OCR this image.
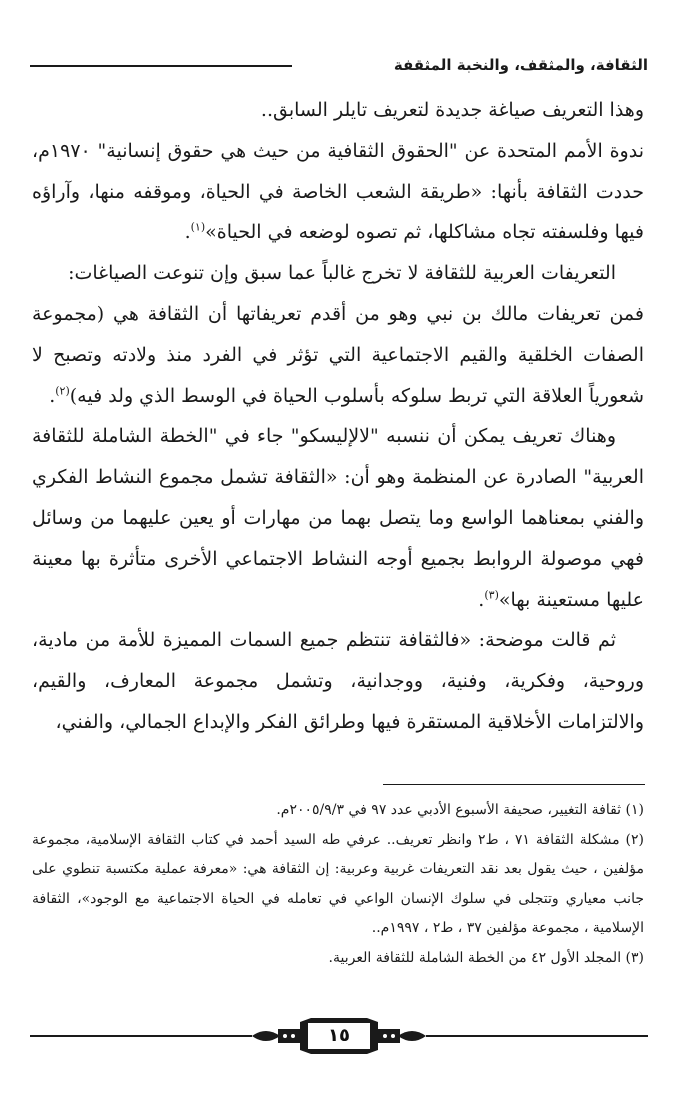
الثقافة، والمثقف، والنخبة المثقفة

وهذا التعريف صياغة جديدة لتعريف تايلر السابق..

ندوة الأمم المتحدة عن "الحقوق الثقافية من حيث هي حقوق إنسانية" ١٩٧٠م، حددت الثقافة بأنها: «طريقة الشعب الخاصة في الحياة، وموقفه منها، وآراؤه فيها وفلسفته تجاه مشاكلها، ثم تصوه لوضعه في الحياة»$^{(١)}$.

التعريفات العربية للثقافة لا تخرج غالباً عما سبق وإن تنوعت الصياغات:

فمن تعريفات مالك بن نبي وهو من أقدم تعريفاتها أن الثقافة هي (مجموعة الصفات الخلقية والقيم الاجتماعية التي تؤثر في الفرد منذ ولادته وتصبح لا شعورياً العلاقة التي تربط سلوكه بأسلوب الحياة في الوسط الذي ولد فيه)$^{(٢)}$.

وهناك تعريف يمكن أن ننسبه "لالإليسكو" جاء في "الخطة الشاملة للثقافة العربية" الصادرة عن المنظمة وهو أن: «الثقافة تشمل مجموع النشاط الفكري والفني بمعناهما الواسع وما يتصل بهما من مهارات أو يعين عليهما من وسائل فهي موصولة الروابط بجميع أوجه النشاط الاجتماعي الأخرى متأثرة بها معينة عليها مستعينة بها»$^{(٣)}$.

ثم قالت موضحة: «فالثقافة تنتظم جميع السمات المميزة للأمة من مادية، وروحية، وفكرية، وفنية، ووجدانية، وتشمل مجموعة المعارف، والقيم، والالتزامات الأخلاقية المستقرة فيها وطرائق الفكر والإبداع الجمالي، والفني،

(١) ثقافة التغيير، صحيفة الأسبوع الأدبي عدد ٩٧ في ٢٠٠٥/٩/٣م.

(٢) مشكلة الثقافة ٧١ ، ط٢ وانظر تعريف.. عرفي طه السيد أحمد في كتاب الثقافة الإسلامية، مجموعة مؤلفين ، حيث يقول بعد نقد التعريفات غربية وعربية: إن الثقافة هي: «معرفة عملية مكتسبة تنطوي على جانب معياري وتتجلى في سلوك الإنسان الواعي في تعامله في الحياة الاجتماعية مع الوجود»، الثقافة الإسلامية ، مجموعة مؤلفين ٣٧ ، ط٢ ، ١٩٩٧م..

(٣) المجلد الأول ٤٢ من الخطة الشاملة للثقافة العربية.

١٥
